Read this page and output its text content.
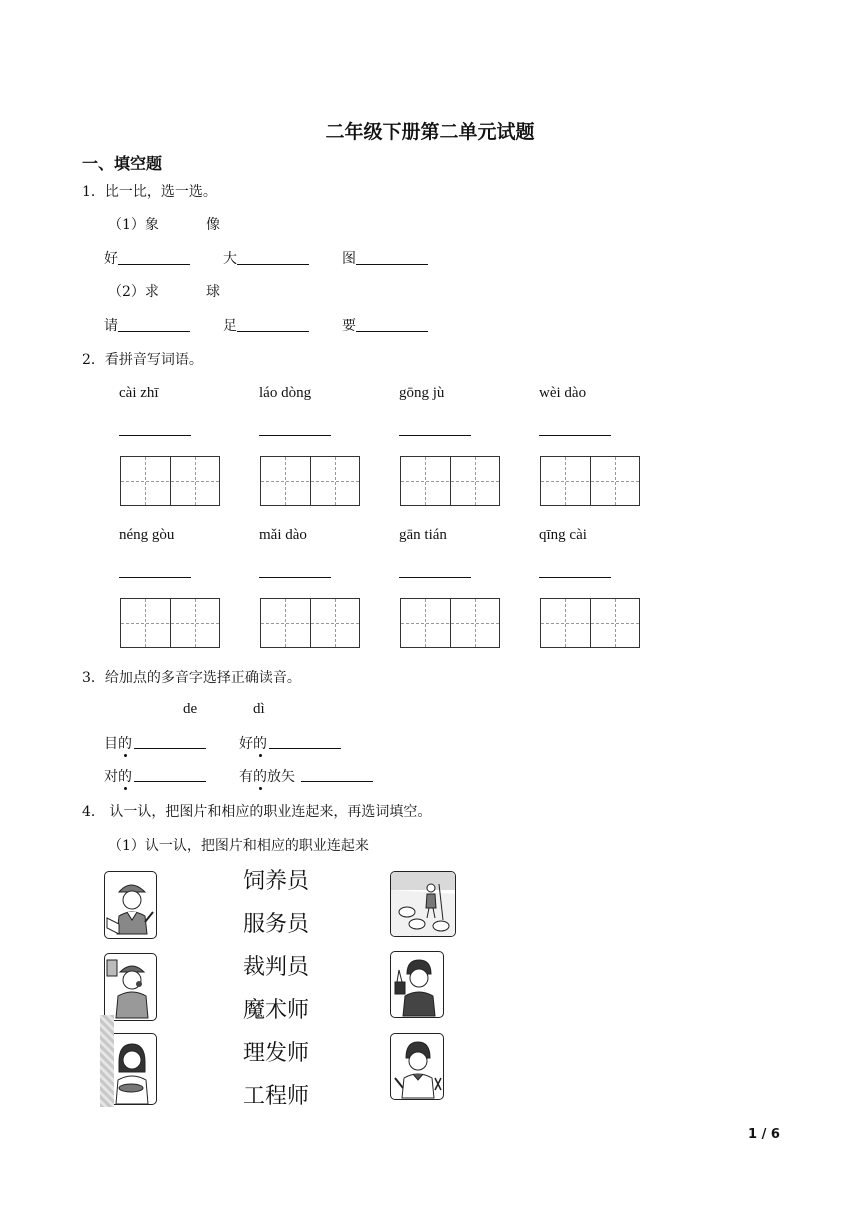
二年级下册第二单元试题
一、填空题
1．比一比，选一选。
（1）象	像
好	大	图
（2）求	球
请	足	要
2．看拼音写词语。
cài zhī	láo dòng	gōng jù	wèi dào
néng gòu	mǎi dào	gān tián	qīng cài
3．给加点的多音字选择正确读音。
de	dì
目的	好的
对的	有的放矢
4． 认一认，把图片和相应的职业连起来，再选词填空。
（1）认一认，把图片和相应的职业连起来
饲养员
服务员
裁判员
魔术师
理发师
工程师
1 / 6
